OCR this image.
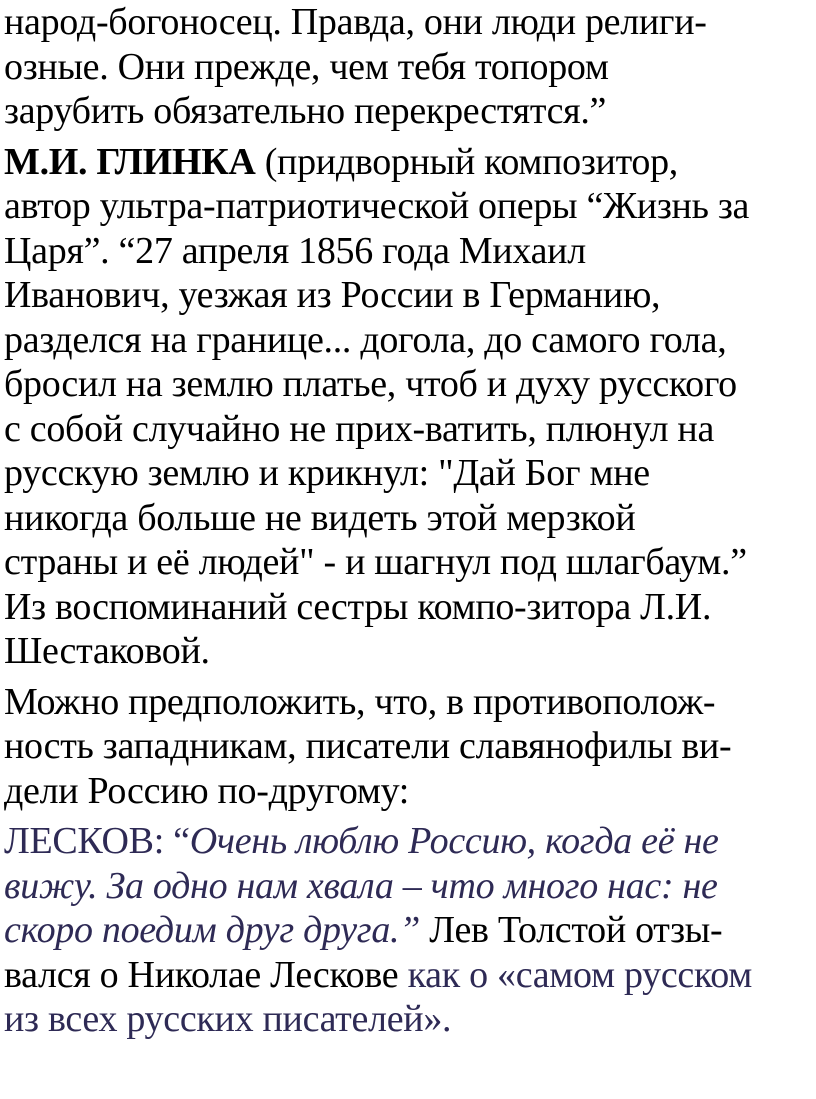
народ-богоносец. Правда, они люди религи-
озные. Они прежде, чем тебя топором
зарубить обязательно перекрестятся.”
М.И. ГЛИНКА (придворный композитор,
автор ультра-патриотической оперы “Жизнь за
Царя”. “27 апреля 1856 года Михаил
Иванович, уезжая из России в Германию,
разделся на границе... догола, до самого гола,
бросил на землю платье, чтоб и духу русского
с собой случайно не прих-ватить, плюнул на
русскую землю и крикнул: "Дай Бог мне
никогда больше не видеть этой мерзкой
страны и её людей" - и шагнул под шлагбаум.”
Из воспоминаний сестры компо-зитора Л.И.
Шестаковой.
Можно предположить, что, в противополож-
ность западникам, писатели славянофилы ви-
дели Россию по-другому:
ЛЕСКОВ: “Очень люблю Россию, когда её не
вижу. За одно нам хвала – что много нас: не
скоро поедим друг друга.” Лев Толстой отзы-
вался о Николае Лескове как о «самом русском
из всех русских писателей».
